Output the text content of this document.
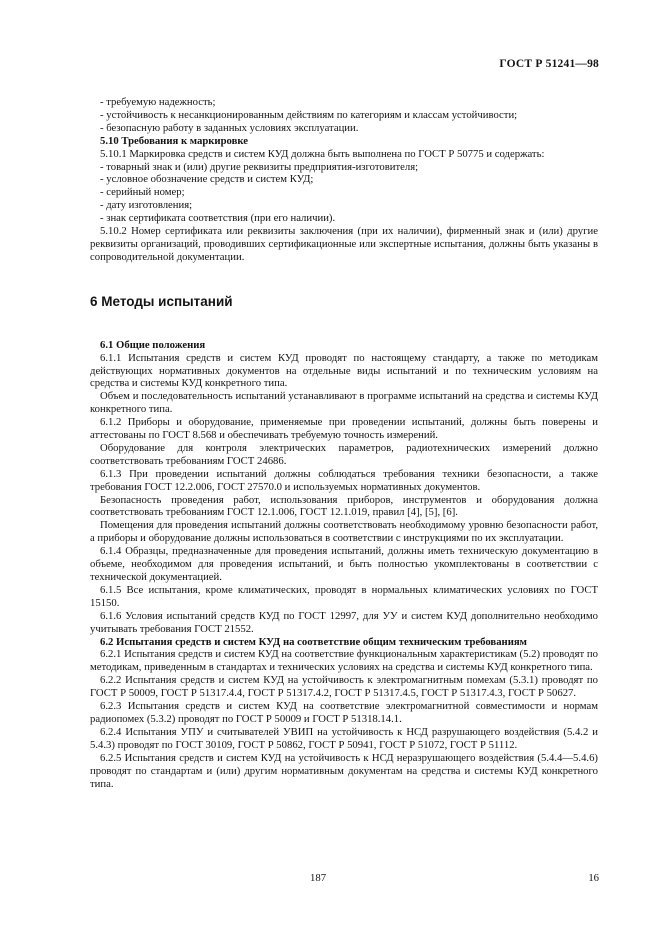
ГОСТ Р 51241—98

- требуемую надежность;

- устойчивость к несанкционированным действиям по категориям и классам устойчивости;

- безопасную работу в заданных условиях эксплуатации.

5.10 Требования к маркировке

5.10.1 Маркировка средств и систем КУД должна быть выполнена по ГОСТ Р 50775 и содержать:

- товарный знак и (или) другие реквизиты предприятия-изготовителя;

- условное обозначение средств и систем КУД;

- серийный номер;

- дату изготовления;

- знак сертификата соответствия (при его наличии).

5.10.2 Номер сертификата или реквизиты заключения (при их наличии), фирменный знак и (или) другие реквизиты организаций, проводивших сертификационные или экспертные испытания, должны быть указаны в сопроводительной документации.

6 Методы испытаний

6.1 Общие положения

6.1.1 Испытания средств и систем КУД проводят по настоящему стандарту, а также по методикам действующих нормативных документов на отдельные виды испытаний и по техническим условиям на средства и системы КУД конкретного типа.

Объем и последовательность испытаний устанавливают в программе испытаний на средства и системы КУД конкретного типа.

6.1.2 Приборы и оборудование, применяемые при проведении испытаний, должны быть поверены и аттестованы по ГОСТ 8.568 и обеспечивать требуемую точность измерений.

Оборудование для контроля электрических параметров, радиотехнических измерений должно соответствовать требованиям ГОСТ 24686.

6.1.3 При проведении испытаний должны соблюдаться требования техники безопасности, а также требования ГОСТ 12.2.006, ГОСТ 27570.0 и используемых нормативных документов.

Безопасность проведения работ, использования приборов, инструментов и оборудования должна соответствовать требованиям ГОСТ 12.1.006, ГОСТ 12.1.019, правил [4], [5], [6].

Помещения для проведения испытаний должны соответствовать необходимому уровню безопасности работ, а приборы и оборудование должны использоваться в соответствии с инструкциями по их эксплуатации.

6.1.4 Образцы, предназначенные для проведения испытаний, должны иметь техническую документацию в объеме, необходимом для проведения испытаний, и быть полностью укомплектованы в соответствии с технической документацией.

6.1.5 Все испытания, кроме климатических, проводят в нормальных климатических условиях по ГОСТ 15150.

6.1.6 Условия испытаний средств КУД по ГОСТ 12997, для УУ и систем КУД дополнительно необходимо учитывать требования ГОСТ 21552.

6.2 Испытания средств и систем КУД на соответствие общим техническим требованиям

6.2.1 Испытания средств и систем КУД на соответствие функциональным характеристикам (5.2) проводят по методикам, приведенным в стандартах и технических условиях на средства и системы КУД конкретного типа.

6.2.2 Испытания средств и систем КУД на устойчивость к электромагнитным помехам (5.3.1) проводят по ГОСТ Р 50009, ГОСТ Р 51317.4.4, ГОСТ Р 51317.4.2, ГОСТ Р 51317.4.5, ГОСТ Р 51317.4.3, ГОСТ Р 50627.

6.2.3 Испытания средств и систем КУД на соответствие электромагнитной совместимости и нормам радиопомех (5.3.2) проводят по ГОСТ Р 50009 и ГОСТ Р 51318.14.1.

6.2.4 Испытания УПУ и считывателей УВИП на устойчивость к НСД разрушающего воздействия (5.4.2 и 5.4.3) проводят по ГОСТ 30109, ГОСТ Р 50862, ГОСТ Р 50941, ГОСТ Р 51072, ГОСТ Р 51112.

6.2.5 Испытания средств и систем КУД на устойчивость к НСД неразрушающего воздействия (5.4.4—5.4.6) проводят по стандартам и (или) другим нормативным документам на средства и системы КУД конкретного типа.

187	16
